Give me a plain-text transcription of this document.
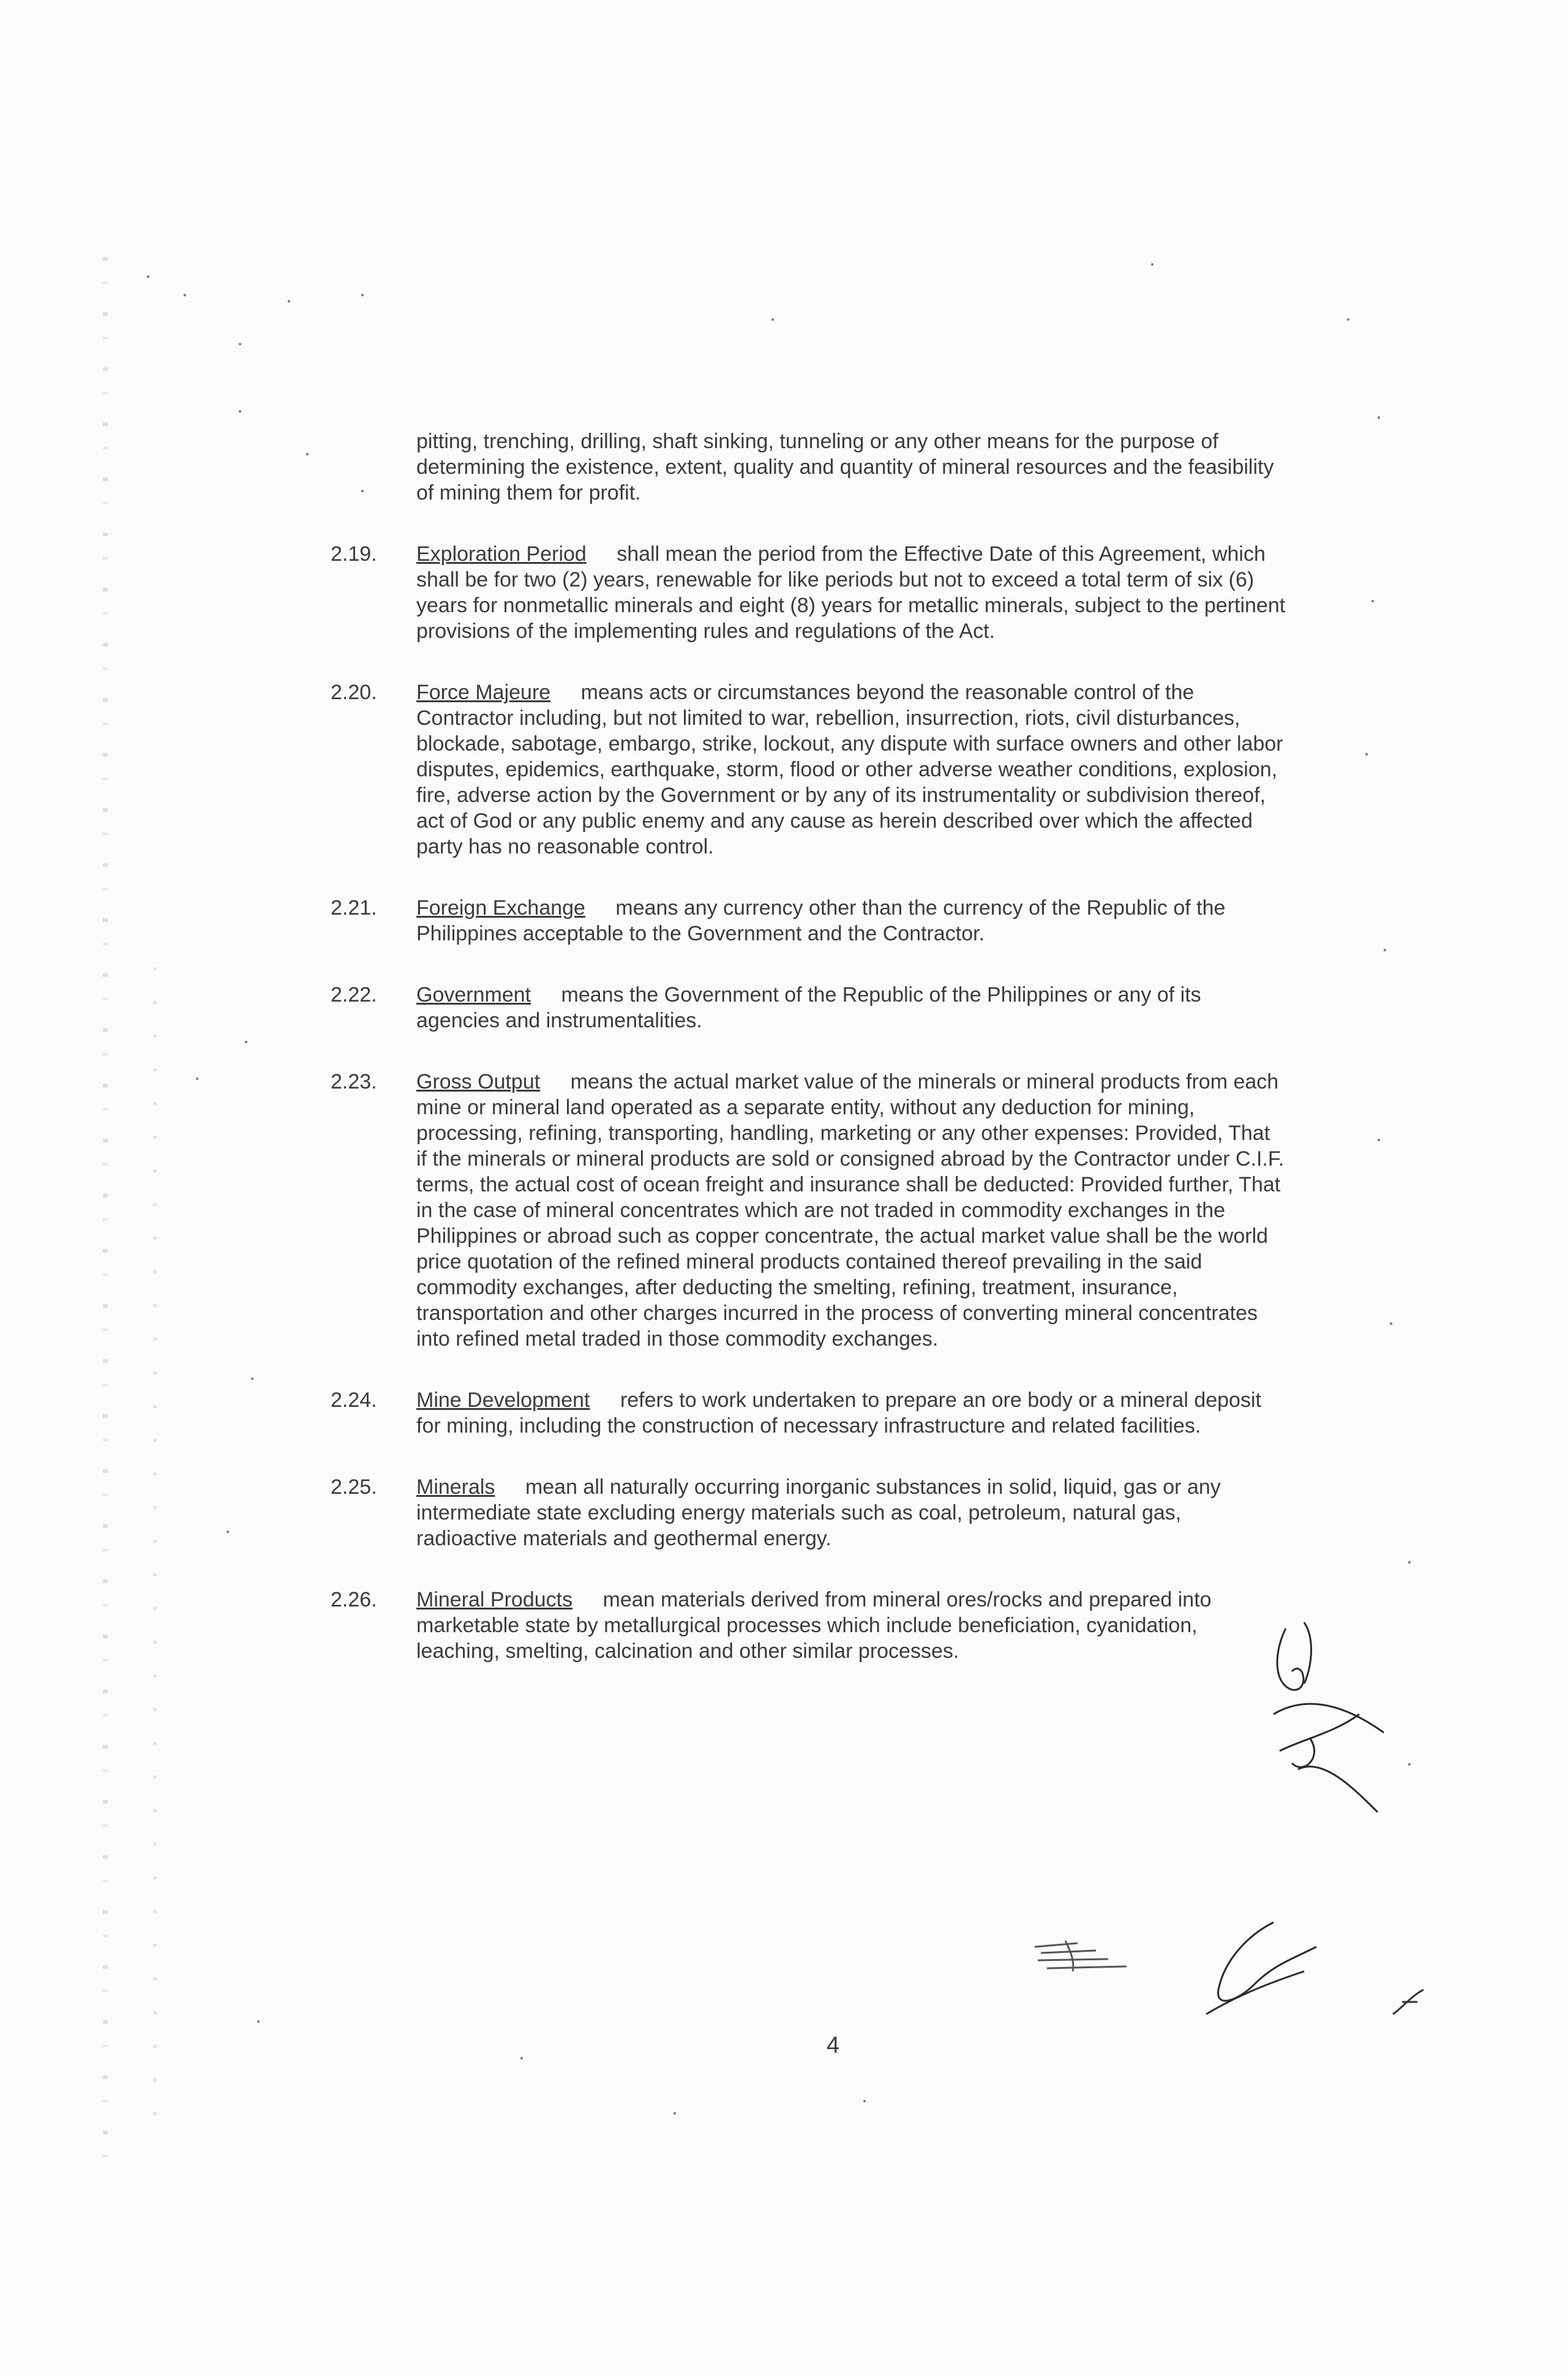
pitting, trenching, drilling, shaft sinking, tunneling or any other means for the purpose of determining the existence, extent, quality and quantity of mineral resources and the feasibility of mining them for profit.

2.19.	Exploration Period shall mean the period from the Effective Date of this Agreement, which shall be for two (2) years, renewable for like periods but not to exceed a total term of six (6) years for nonmetallic minerals and eight (8) years for metallic minerals, subject to the pertinent provisions of the implementing rules and regulations of the Act.
2.20.	Force Majeure means acts or circumstances beyond the reasonable control of the Contractor including, but not limited to war, rebellion, insurrection, riots, civil disturbances, blockade, sabotage, embargo, strike, lockout, any dispute with surface owners and other labor disputes, epidemics, earthquake, storm, flood or other adverse weather conditions, explosion, fire, adverse action by the Government or by any of its instrumentality or subdivision thereof, act of God or any public enemy and any cause as herein described over which the affected party has no reasonable control.
2.21.	Foreign Exchange means any currency other than the currency of the Republic of the Philippines acceptable to the Government and the Contractor.
2.22.	Government means the Government of the Republic of the Philippines or any of its agencies and instrumentalities.
2.23.	Gross Output means the actual market value of the minerals or mineral products from each mine or mineral land operated as a separate entity, without any deduction for mining, processing, refining, transporting, handling, marketing or any other expenses: Provided, That if the minerals or mineral products are sold or consigned abroad by the Contractor under C.I.F. terms, the actual cost of ocean freight and insurance shall be deducted: Provided further, That in the case of mineral concentrates which are not traded in commodity exchanges in the Philippines or abroad such as copper concentrate, the actual market value shall be the world price quotation of the refined mineral products contained thereof prevailing in the said commodity exchanges, after deducting the smelting, refining, treatment, insurance, transportation and other charges incurred in the process of converting mineral concentrates into refined metal traded in those commodity exchanges.
2.24.	Mine Development refers to work undertaken to prepare an ore body or a mineral deposit for mining, including the construction of necessary infrastructure and related facilities.
2.25.	Minerals mean all naturally occurring inorganic substances in solid, liquid, gas or any intermediate state excluding energy materials such as coal, petroleum, natural gas, radioactive materials and geothermal energy.
2.26.	Mineral Products mean materials derived from mineral ores/rocks and prepared into marketable state by metallurgical processes which include beneficiation, cyanidation, leaching, smelting, calcination and other similar processes.
4
